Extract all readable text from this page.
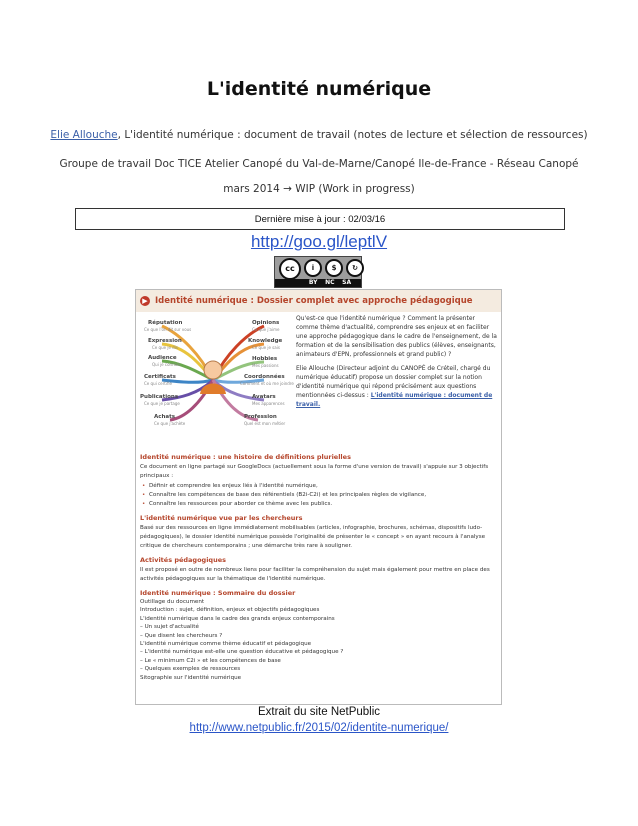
L'identité numérique
Elie Allouche, L'identité numérique : document de travail (notes de lecture et sélection de ressources)
Groupe de travail Doc TICE Atelier Canopé du Val-de-Marne/Canopé Ile-de-France - Réseau Canopé
mars 2014 → WIP (Work in progress)
Dernière mise à jour : 02/03/16
http://goo.gl/leptlV
cc	i	$	↻
BY NC SA
▶ Identité numérique : Dossier complet avec approche pédagogique
Réputation
Ce que l'on dit sur vous
Expression
Ce que je dis
Audience
Qui je connais
Certificats
Ce qui certifie
Publications
Ce que je partage
Achats
Ce que j'achète
Opinions
Ce que j'aime
Knowledge
Ce que je sais
Hobbies
Mes passions
Coordonnées
Comment et où me joindre
Avatars
Mes apparences
Profession
Quel est mon métier
Qu'est-ce que l'identité numérique ? Comment la présenter comme thème d'actualité, comprendre ses enjeux et en faciliter une approche pédagogique dans le cadre de l'enseignement, de la formation et de la sensibilisation des publics (élèves, enseignants, animateurs d'EPN, professionnels et grand public) ?
Elie Allouche (Directeur adjoint du CANOPÉ de Créteil, chargé du numérique éducatif) propose un dossier complet sur la notion d'identité numérique qui répond précisément aux questions mentionnées ci-dessus : L'identité numérique : document de travail.
Identité numérique : une histoire de définitions plurielles
Ce document en ligne partagé sur GoogleDocs (actuellement sous la forme d'une version de travail) s'appuie sur 3 objectifs principaux :
• Définir et comprendre les enjeux liés à l'identité numérique,
• Connaître les compétences de base des référentiels (B2i-C2i) et les principales règles de vigilance,
• Connaître les ressources pour aborder ce thème avec les publics.
L'identité numérique vue par les chercheurs
Basé sur des ressources en ligne immédiatement mobilisables (articles, infographie, brochures, schémas, dispositifs ludo-pédagogiques), le dossier identité numérique possède l'originalité de présenter le « concept » en ayant recours à l'analyse critique de chercheurs contemporains ; une démarche très rare à souligner.
Activités pédagogiques
Il est proposé en outre de nombreux liens pour faciliter la compréhension du sujet mais également pour mettre en place des activités pédagogiques sur la thématique de l'identité numérique.
Identité numérique : Sommaire du dossier
Outillage du document
Introduction : sujet, définition, enjeux et objectifs pédagogiques
L'identité numérique dans le cadre des grands enjeux contemporains
– Un sujet d'actualité
– Que disent les chercheurs ?
L'identité numérique comme thème éducatif et pédagogique
– L'identité numérique est-elle une question éducative et pédagogique ?
– Le « minimum C2i » et les compétences de base
– Quelques exemples de ressources
Sitographie sur l'identité numérique
Extrait du site NetPublic
http://www.netpublic.fr/2015/02/identite-numerique/
